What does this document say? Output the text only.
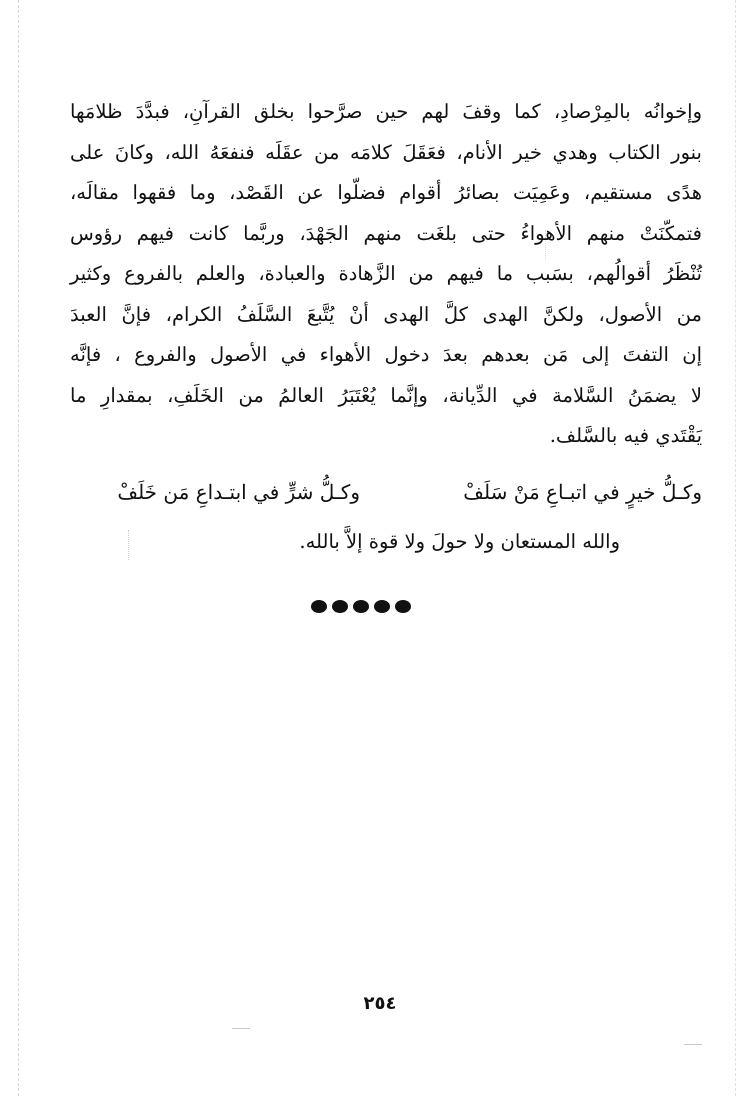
وإخوانُه بالمِرْصادِ، كما وقفَ لهم حين صرَّحوا بخلق القرآنِ، فبدَّدَ ظلامَها
بنور الكتاب وهدي خير الأنام، فعَقَلَ كلامَه من عقَلَه فنفعَهُ الله، وكانَ على
هدًى مستقيم، وعَمِيَت بصائرُ أقوام فضلّوا عن القَصْد، وما فقهوا مقالَه،
فتمكّنَتْ منهم الأهواءُ حتى بلغَت منهم الجَهْدَ، وربَّما كانت فيهم رؤوس
تُنْظَرُ أقوالُهم، بسَبب ما فيهم من الزَّهادة والعبادة، والعلم بالفروع وكثير
من الأصول، ولكنَّ الهدى كلَّ الهدى أنْ يُتَّبعَ السَّلَفُ الكرام، فإنَّ العبدَ
إن التفتَ إلى مَن بعدهم بعدَ دخول الأهواء في الأصول والفروع ، فإنَّه
لا يضمَنُ السَّلامة في الدِّيانة، وإنَّما يُعْتَبَرُ العالمُ من الخَلَفِ، بمقدارِ ما
يَقْتَدي فيه بالسَّلف.
وكـلُّ خيرٍ في اتبـاعِ مَنْ سَلَفْ
وكـلُّ شرٍّ في ابتـداعِ مَن خَلَفْ
والله المستعان ولا حولَ ولا قوة إلاَّ بالله.
٢٥٤
